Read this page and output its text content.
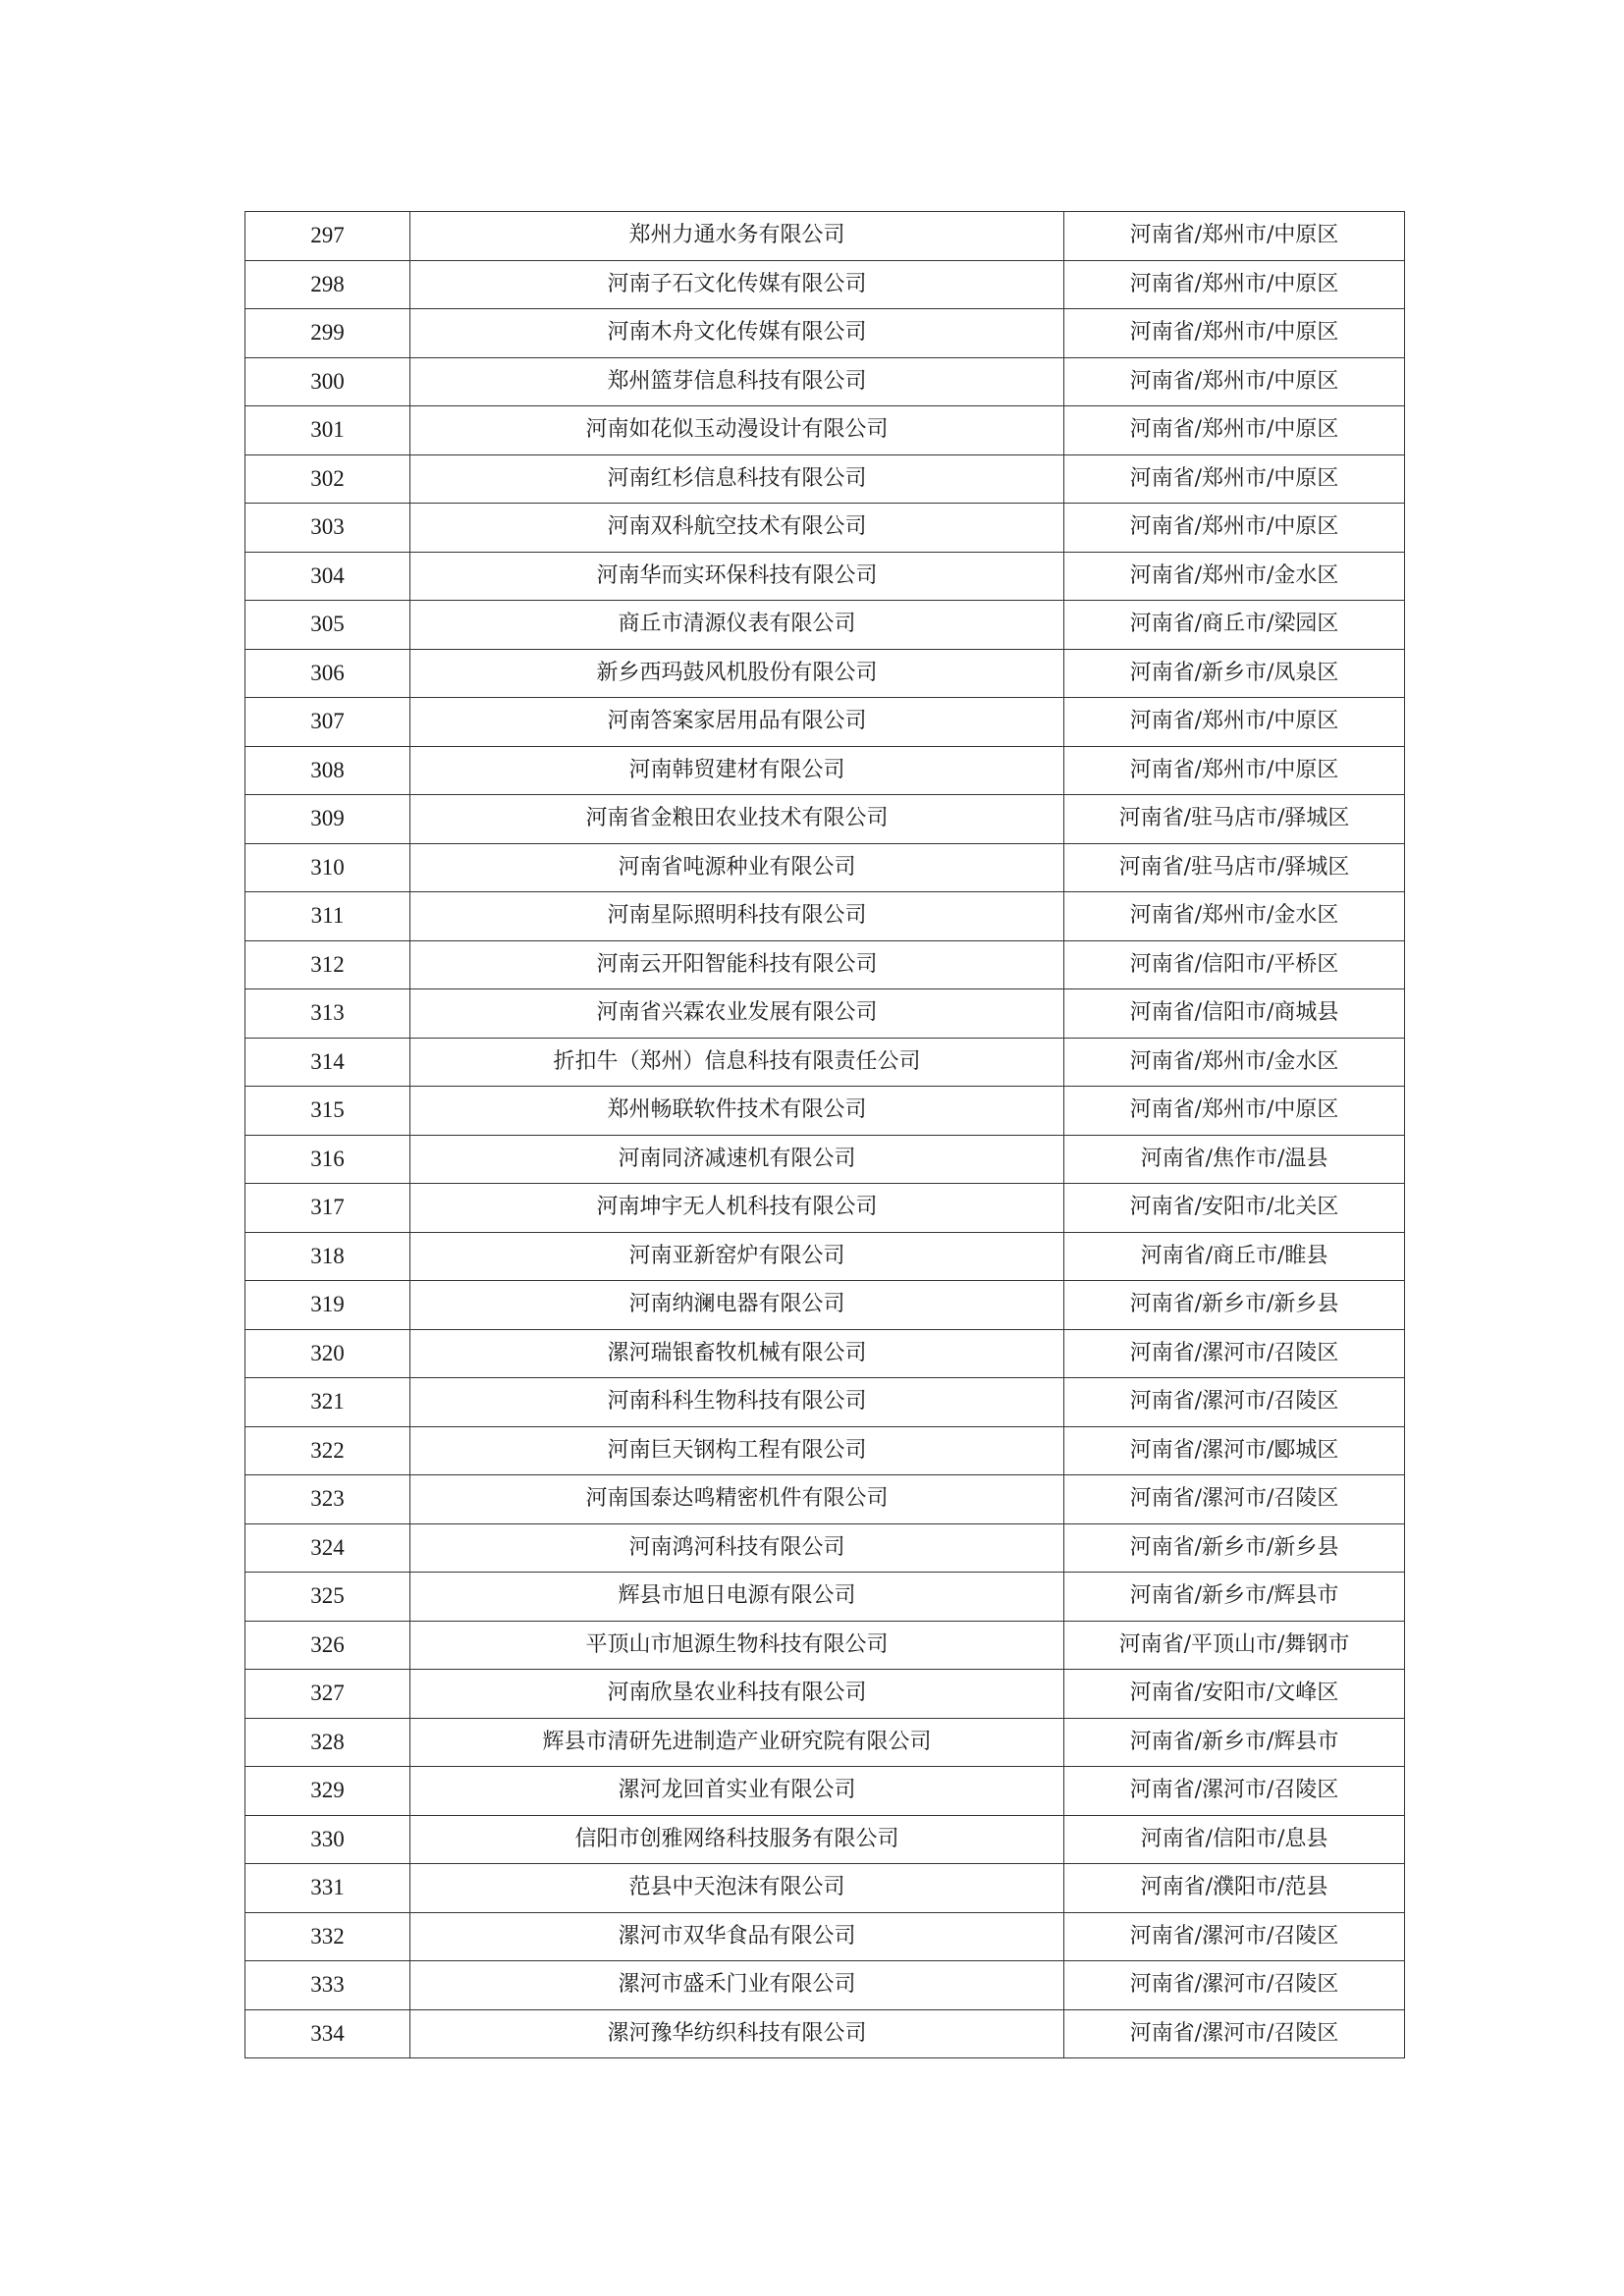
297	郑州力通水务有限公司	河南省/郑州市/中原区
298	河南子石文化传媒有限公司	河南省/郑州市/中原区
299	河南木舟文化传媒有限公司	河南省/郑州市/中原区
300	郑州篮芽信息科技有限公司	河南省/郑州市/中原区
301	河南如花似玉动漫设计有限公司	河南省/郑州市/中原区
302	河南红杉信息科技有限公司	河南省/郑州市/中原区
303	河南双科航空技术有限公司	河南省/郑州市/中原区
304	河南华而实环保科技有限公司	河南省/郑州市/金水区
305	商丘市清源仪表有限公司	河南省/商丘市/梁园区
306	新乡西玛鼓风机股份有限公司	河南省/新乡市/凤泉区
307	河南答案家居用品有限公司	河南省/郑州市/中原区
308	河南韩贸建材有限公司	河南省/郑州市/中原区
309	河南省金粮田农业技术有限公司	河南省/驻马店市/驿城区
310	河南省吨源种业有限公司	河南省/驻马店市/驿城区
311	河南星际照明科技有限公司	河南省/郑州市/金水区
312	河南云开阳智能科技有限公司	河南省/信阳市/平桥区
313	河南省兴霖农业发展有限公司	河南省/信阳市/商城县
314	折扣牛（郑州）信息科技有限责任公司	河南省/郑州市/金水区
315	郑州畅联软件技术有限公司	河南省/郑州市/中原区
316	河南同济减速机有限公司	河南省/焦作市/温县
317	河南坤宇无人机科技有限公司	河南省/安阳市/北关区
318	河南亚新窑炉有限公司	河南省/商丘市/睢县
319	河南纳澜电器有限公司	河南省/新乡市/新乡县
320	漯河瑞银畜牧机械有限公司	河南省/漯河市/召陵区
321	河南科科生物科技有限公司	河南省/漯河市/召陵区
322	河南巨天钢构工程有限公司	河南省/漯河市/郾城区
323	河南国泰达鸣精密机件有限公司	河南省/漯河市/召陵区
324	河南鸿河科技有限公司	河南省/新乡市/新乡县
325	辉县市旭日电源有限公司	河南省/新乡市/辉县市
326	平顶山市旭源生物科技有限公司	河南省/平顶山市/舞钢市
327	河南欣垦农业科技有限公司	河南省/安阳市/文峰区
328	辉县市清研先进制造产业研究院有限公司	河南省/新乡市/辉县市
329	漯河龙回首实业有限公司	河南省/漯河市/召陵区
330	信阳市创雅网络科技服务有限公司	河南省/信阳市/息县
331	范县中天泡沫有限公司	河南省/濮阳市/范县
332	漯河市双华食品有限公司	河南省/漯河市/召陵区
333	漯河市盛禾门业有限公司	河南省/漯河市/召陵区
334	漯河豫华纺织科技有限公司	河南省/漯河市/召陵区
